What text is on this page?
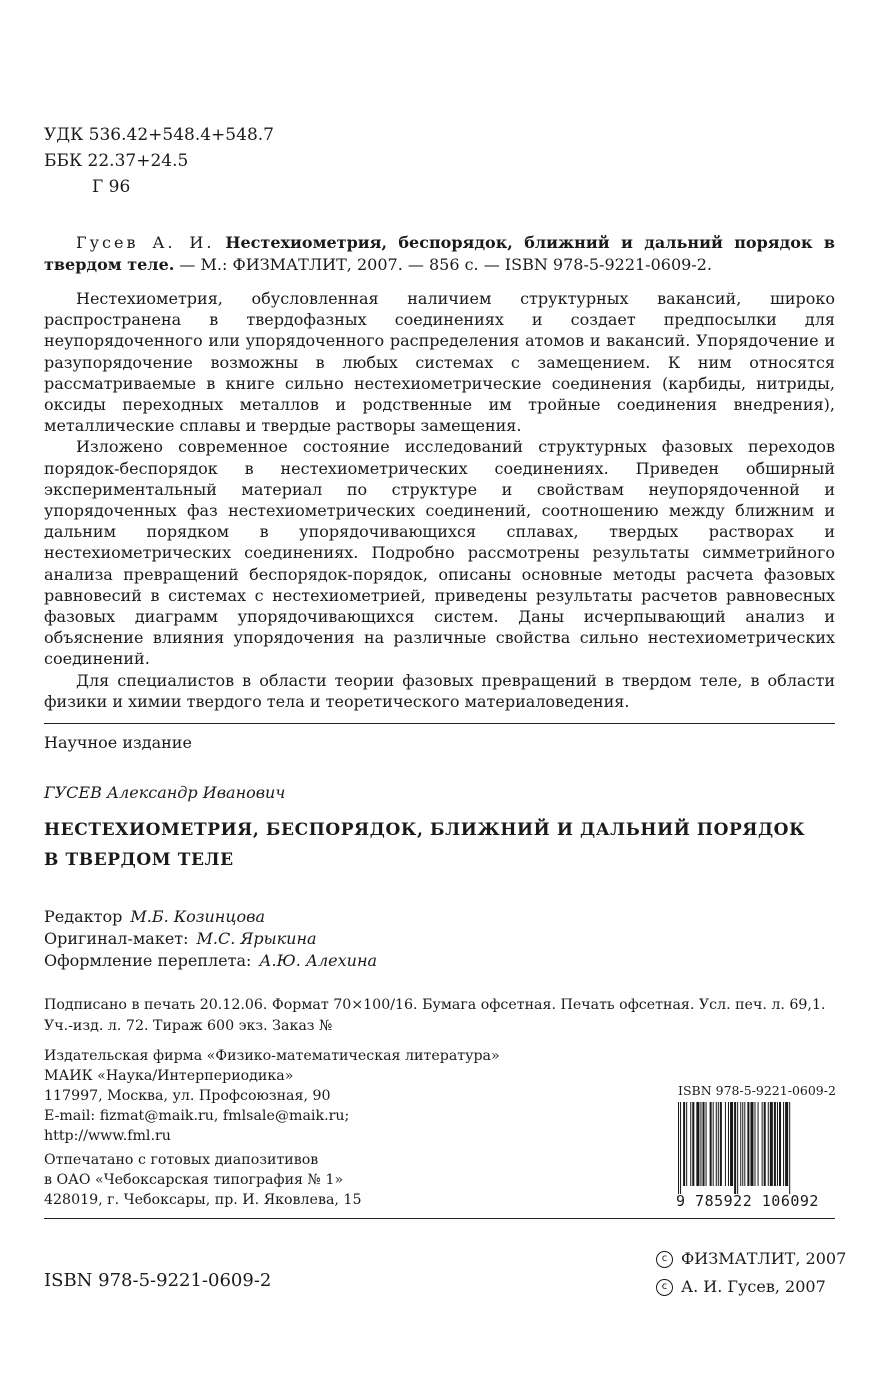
УДК 536.42+548.4+548.7
ББК 22.37+24.5
Г 96
Гусев А. И. Нестехиометрия, беспорядок, ближний и дальний порядок в твердом теле. — М.: ФИЗМАТЛИТ, 2007. — 856 с. — ISBN 978-5-9221-0609-2.

Нестехиометрия, обусловленная наличием структурных вакансий, широко распространена в твердофазных соединениях и создает предпосылки для неупорядоченного или упорядоченного распределения атомов и вакансий. Упорядочение и разупорядочение возможны в любых системах с замещением. К ним относятся рассматриваемые в книге сильно нестехиометрические соединения (карбиды, нитриды, оксиды переходных металлов и родственные им тройные соединения внедрения), металлические сплавы и твердые растворы замещения.

Изложено современное состояние исследований структурных фазовых переходов порядок-беспорядок в нестехиометрических соединениях. Приведен обширный экспериментальный материал по структуре и свойствам неупорядоченной и упорядоченных фаз нестехиометрических соединений, соотношению между ближним и дальним порядком в упорядочивающихся сплавах, твердых растворах и нестехиометрических соединениях. Подробно рассмотрены результаты симметрийного анализа превращений беспорядок-порядок, описаны основные методы расчета фазовых равновесий в системах с нестехиометрией, приведены результаты расчетов равновесных фазовых диаграмм упорядочивающихся систем. Даны исчерпывающий анализ и объяснение влияния упорядочения на различные свойства сильно нестехиометрических соединений.

Для специалистов в области теории фазовых превращений в твердом теле, в области физики и химии твердого тела и теоретического материаловедения.

Научное издание
ГУСЕВ Александр Иванович
НЕСТЕХИОМЕТРИЯ, БЕСПОРЯДОК, БЛИЖНИЙ И ДАЛЬНИЙ ПОРЯДОК
В ТВЕРДОМ ТЕЛЕ
Редактор М.Б. Козинцова
Оригинал-макет: М.С. Ярыкина
Оформление переплета: А.Ю. Алехина
Подписано в печать 20.12.06. Формат 70×100/16. Бумага офсетная. Печать офсетная. Усл. печ. л. 69,1.
Уч.-изд. л. 72. Тираж 600 экз. Заказ №
Издательская фирма «Физико-математическая литература»
МАИК «Наука/Интерпериодика»
117997, Москва, ул. Профсоюзная, 90
E-mail: fizmat@maik.ru, fmlsale@maik.ru;
http://www.fml.ru
Отпечатано с готовых диапозитивов
в ОАО «Чебоксарская типография № 1»
428019, г. Чебоксары, пр. И. Яковлева, 15
ISBN 978-5-9221-0609-2
9 785922 106092
ISBN 978-5-9221-0609-2
c ФИЗМАТЛИТ, 2007
c А. И. Гусев, 2007
